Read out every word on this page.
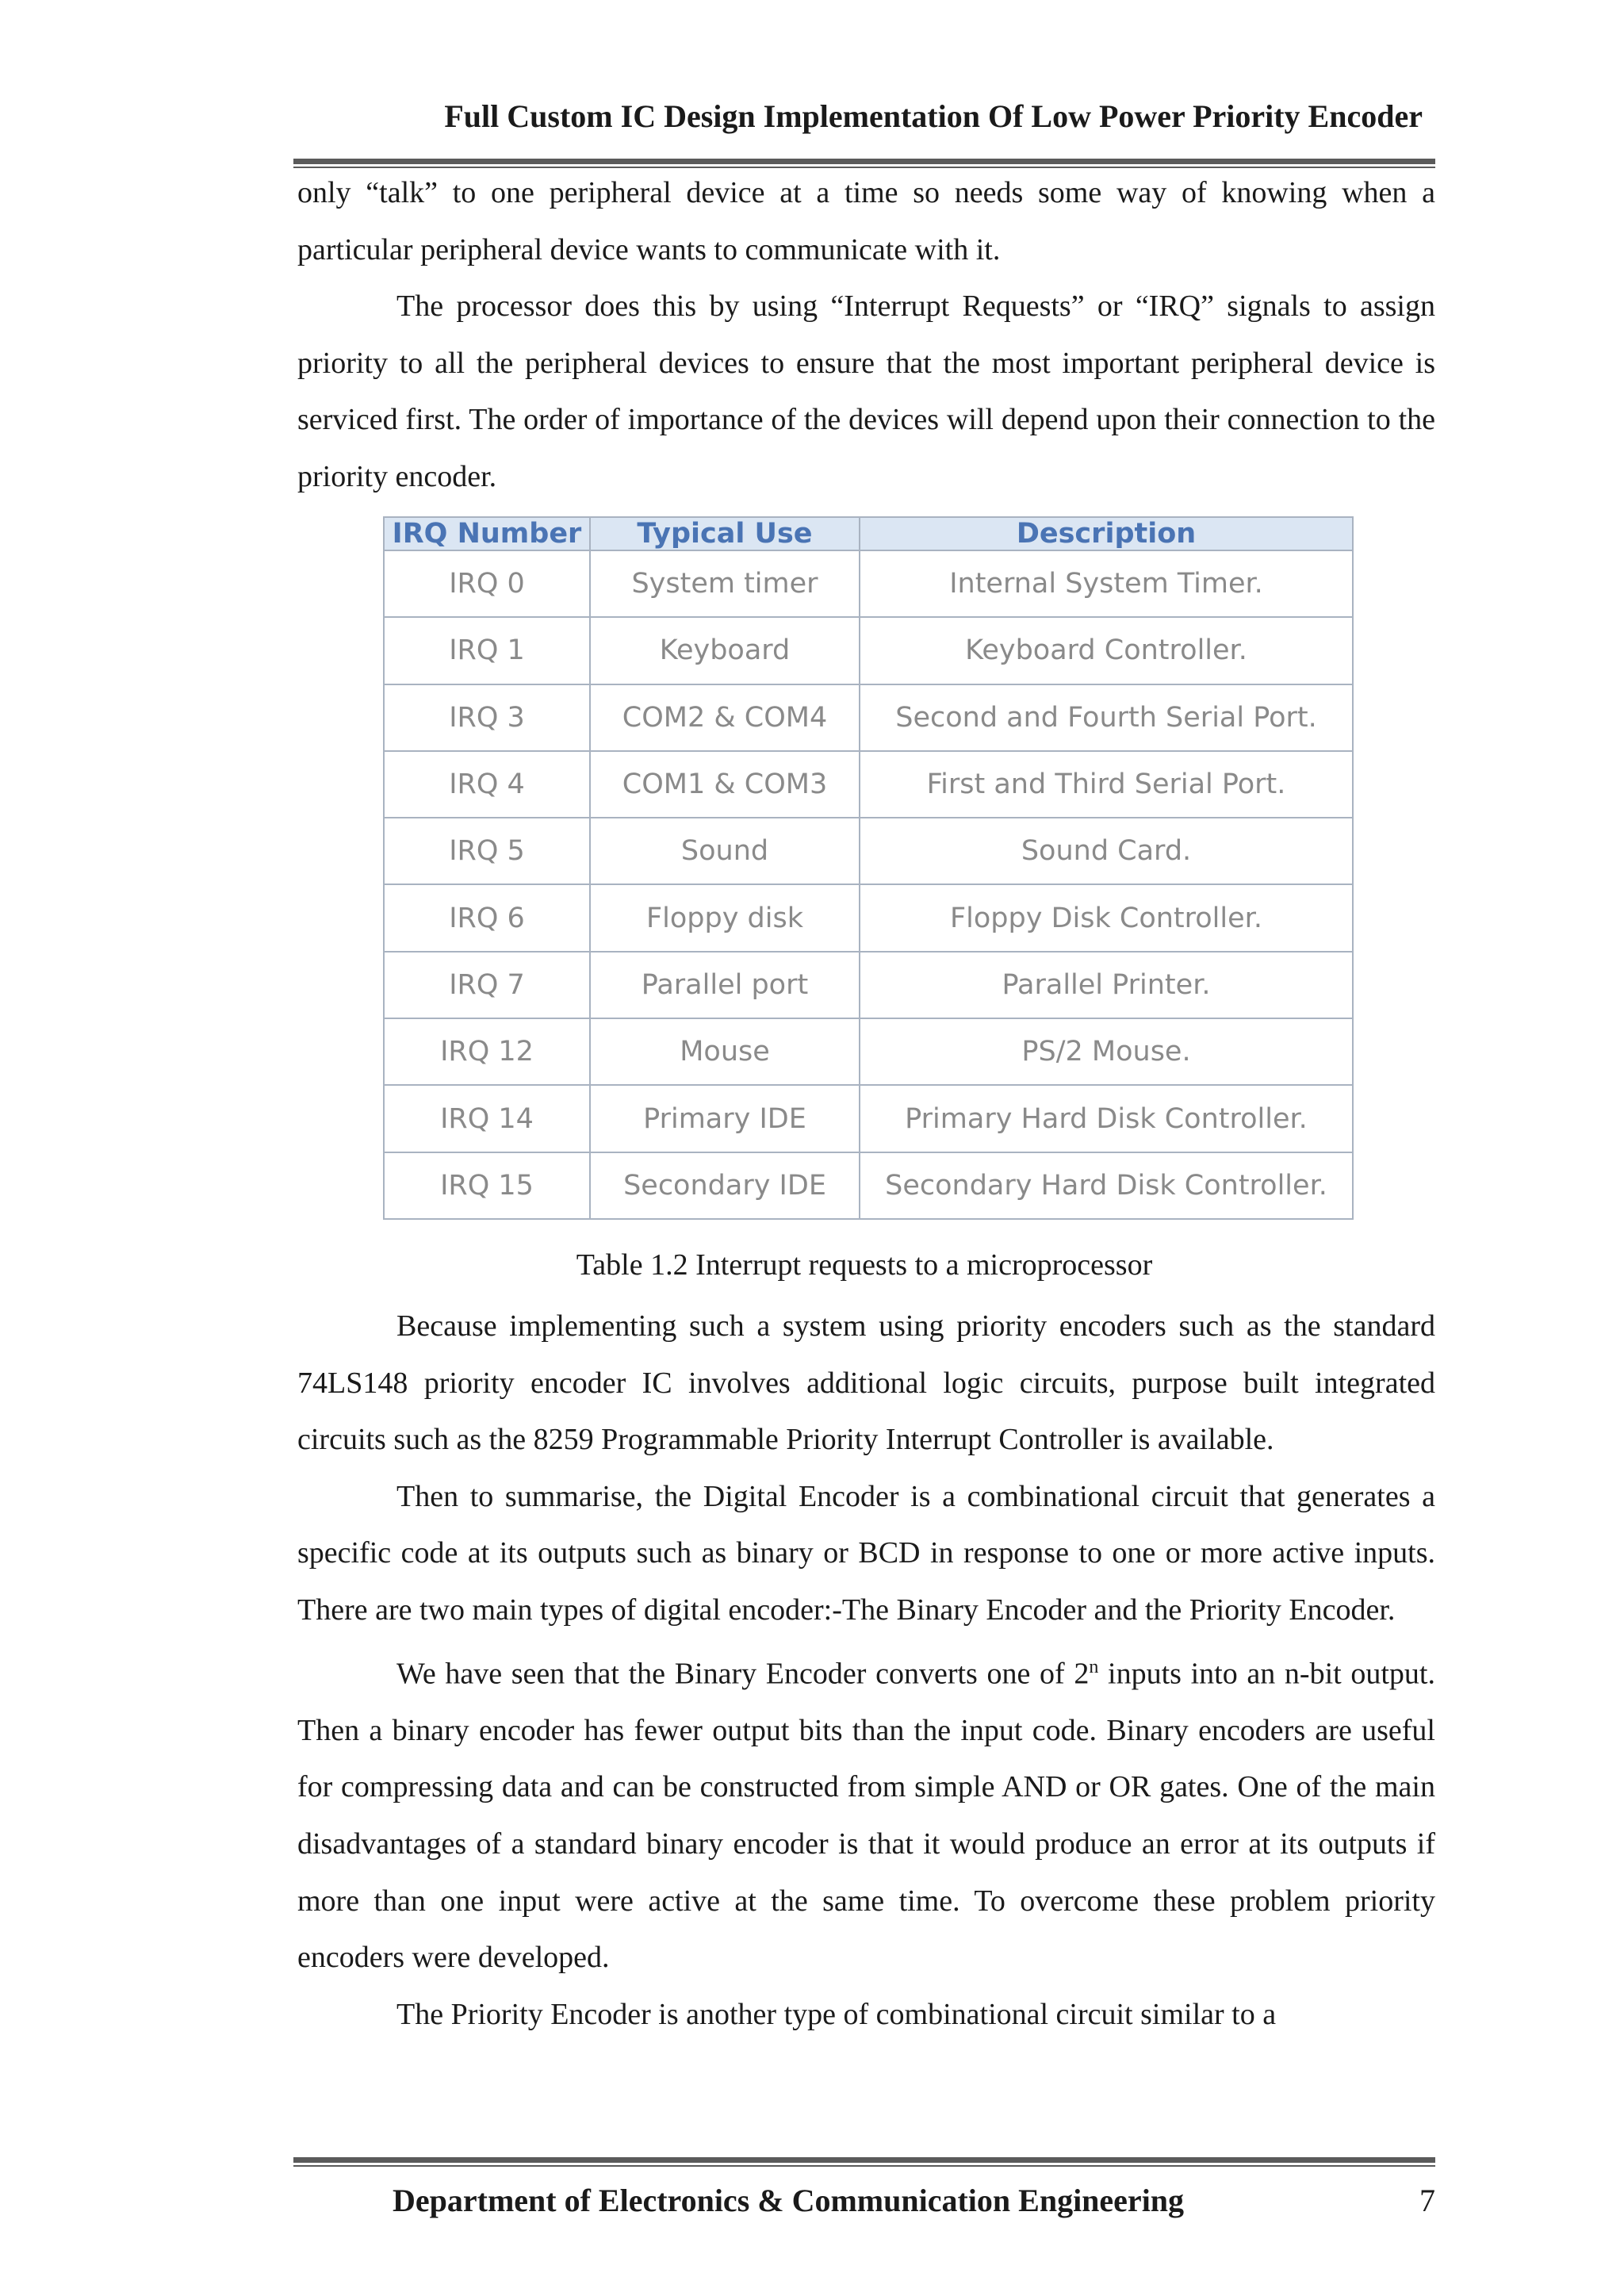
Full Custom IC Design Implementation Of Low Power Priority Encoder

only “talk” to one peripheral device at a time so needs some way of knowing when a particular peripheral device wants to communicate with it.

The processor does this by using “Interrupt Requests” or “IRQ” signals to assign priority to all the peripheral devices to ensure that the most important peripheral device is serviced first. The order of importance of the devices will depend upon their connection to the priority encoder.

IRQ Number	Typical Use	Description
IRQ 0	System timer	Internal System Timer.
IRQ 1	Keyboard	Keyboard Controller.
IRQ 3	COM2 & COM4	Second and Fourth Serial Port.
IRQ 4	COM1 & COM3	First and Third Serial Port.
IRQ 5	Sound	Sound Card.
IRQ 6	Floppy disk	Floppy Disk Controller.
IRQ 7	Parallel port	Parallel Printer.
IRQ 12	Mouse	PS/2 Mouse.
IRQ 14	Primary IDE	Primary Hard Disk Controller.
IRQ 15	Secondary IDE	Secondary Hard Disk Controller.
Table 1.2 Interrupt requests to a microprocessor

Because implementing such a system using priority encoders such as the standard 74LS148 priority encoder IC involves additional logic circuits, purpose built integrated circuits such as the 8259 Programmable Priority Interrupt Controller is available.

Then to summarise, the Digital Encoder is a combinational circuit that generates a specific code at its outputs such as binary or BCD in response to one or more active inputs. There are two main types of digital encoder:-The Binary Encoder and the Priority Encoder.

We have seen that the Binary Encoder converts one of 2$^n$ inputs into an n-bit output. Then a binary encoder has fewer output bits than the input code. Binary encoders are useful for compressing data and can be constructed from simple AND or OR gates. One of the main disadvantages of a standard binary encoder is that it would produce an error at its outputs if more than one input were active at the same time. To overcome these problem priority encoders were developed.

The Priority Encoder is another type of combinational circuit similar to a

Department of Electronics & Communication Engineering	7
